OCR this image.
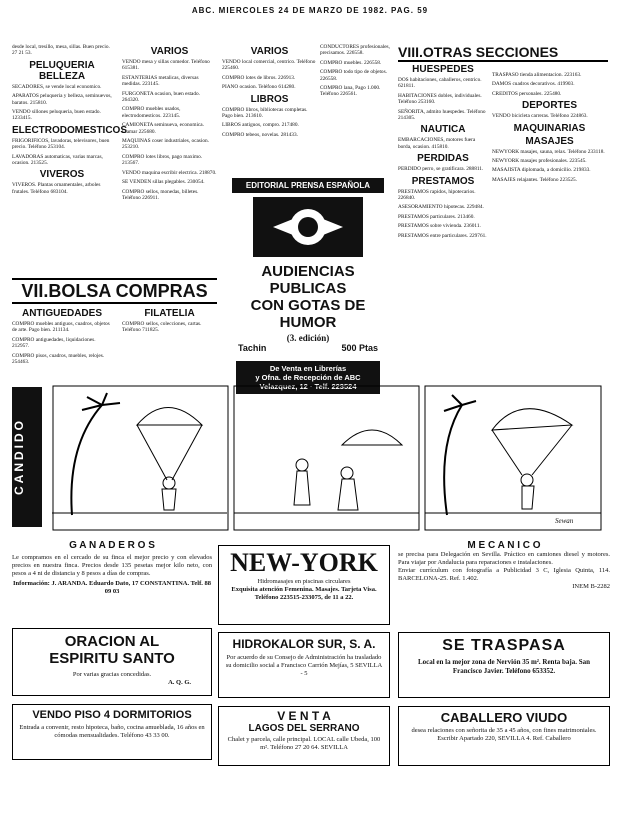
ABC. MIERCOLES 24 DE MARZO DE 1982. PAG. 59

desde local, tresillo, mesa, sillas. Buen precio. 27 21 53.

PELUQUERIA BELLEZA

SECADORES, se vende local economico.

APARATOS peluqueria y belleza, seminuevos, baratos. 215810.

VENDO sillones peluqueria, buen estado. 1233415.

ELECTRODOMESTICOS

FRIGORIFICOS, lavadoras, televisores, buen precio. Teléfono 253104.

LAVADORAS automaticas, varias marcas, ocasion. 213525.

VIVEROS

VIVEROS. Plantas ornamentales, arboles frutales. Teléfono 683104.

VII.BOLSA COMPRAS
ANTIGUEDADES

COMPRO muebles antiguos, cuadros, objetos de arte. Pago bien. 211134.

COMPRO antiguedades, liquidaciones. 212957.

COMPRO pisos, cuadros, muebles, relojes. 254463.

VARIOS

VENDO mesa y sillas comedor. Teléfono 615381.

ESTANTERIAS metalicas, diversas medidas. 223145.

FURGONETA ocasion, buen estado. 264320.

COMPRO muebles usados, electrodomesticos. 223145.

CAMIONETA seminueva, economica. Llamar 225680.

MAQUINAS coser industriales, ocasion. 253210.

COMPRO lotes libros, pago maximo. 213567.

VENDO maquina escribir electrica. 218870.

SE VENDEN sillas plegables. 230054.

COMPRO sellos, monedas, billetes. Teléfono 226911.

FILATELIA

COMPRO sellos, colecciones, cartas. Teléfono 711825.

VARIOS

VENDO local comercial, centrico. Teléfono 225460.

COMPRO lotes de libros. 226913.

PIANO ocasion. Teléfono 614280.

LIBROS

COMPRO libros, bibliotecas completas. Pago bien. 213610.

LIBROS antiguos, compro. 217480.

COMPRO tebeos, novelas. 281433.

CONDUCTORES profesionales, precisamos. 226558.

COMPRO muebles. 226558.

COMPRO todo tipo de objetos. 226558.

COMPRO lana, Pago 1.000. Teléfono 226561.

EDITORIAL PRENSA ESPAÑOLA
AUDIENCIAS PUBLICAS
CON GOTAS DE HUMOR
(3. edición)
Tachin	500 Ptas
De Venta en Librerías
y Ofna. de Recepción de ABC
Velazquez, 12 · Telf. 223524
VIII.OTRAS SECCIONES
HUESPEDES

DOS habitaciones, caballeros, centrico. 621811.

HABITACIONES dobles, individuales. Teléfono 253160.

SEÑORITA, admito huespedes. Teléfono 214305.

NAUTICA

EMBARCACIONES, motores fuera borda, ocasion. 415810.

PERDIDAS

PERDIDO perro, se gratificara. 288811.

PRESTAMOS

PRESTAMOS rapidos, hipotecarios. 226840.

ASESORAMIENTO hipotecas. 229484.

PRESTAMOS particulares. 213460.

PRESTAMOS sobre vivienda. 236011.

PRESTAMOS entre particulares. 229761.

TRASPASO tienda alimentacion. 223163.

DAMOS cuadros decorativos. 419903.

CREDITOS personales. 225480.

DEPORTES

VENDO bicicleta carreras. Teléfono 224863.

MAQUINARIAS
MASAJES

NEWYORK masajes, sauna, relax. Teléfono 233118.

NEWYORK masajes profesionales. 223545.

MASAJISTA diplomada, a domicilio. 219833.

MASAJES relajantes. Teléfono 223525.

CANDIDO
Sewan
G A N A D E R O S
Le compramos en el cercado de su finca el mejor precio y con elevados precios en nuestra finca. Precios desde 135 pesetas mejor kilo neto, con pesos a 4 ni de distancia y 8 pesos a días de compras.
Información: J. ARANDA. Eduardo Dato, 17 CONSTANTINA. Telf. 88 09 03
NEW-YORK
Hidromasajes en piscinas circulares
Exquisita atención Femenina. Masajes. Tarjeta Visa. Teléfono 223515-233075, de 11 a 22.
M E C A N I C O
se precisa para Delegación en Sevilla. Práctico en camiones diesel y motores. Para viajar por Andalucia para reparaciones e instalaciones.
Enviar currículum con fotografía a Publicidad 3 C, Iglesia Quinta, 114. BARCELONA-25. Ref. 1.402.
INEM B-2282
ORACION AL
ESPIRITU SANTO
Por varias gracias concedidas.
A. Q. G.
HIDROKALOR SUR, S. A.
Por acuerdo de su Consejo de Administración ha trasladado su domicilio social a Francisco Carrión Mejías, 5 SEVILLA - 5
SE TRASPASA
Local en la mejor zona de Nervión 35 m². Renta baja. San Francisco Javier. Teléfono 653352.
VENDO PISO 4 DORMITORIOS
Entrada a convenir, resto hipoteca, baño, cocina amueblada, 16 años en cómodas mensualidades. Teléfono 43 33 00.
V E N T A
LAGOS DEL SERRANO
Chalet y parcela, calle principal. LOCAL calle Ubeda, 100 m². Teléfono 27 20 64. SEVILLA
CABALLERO VIUDO
desea relaciones con señorita de 35 a 45 años, con fines matrimoniales. Escribir Apartado 220, SEVILLA 4. Ref. Caballero
